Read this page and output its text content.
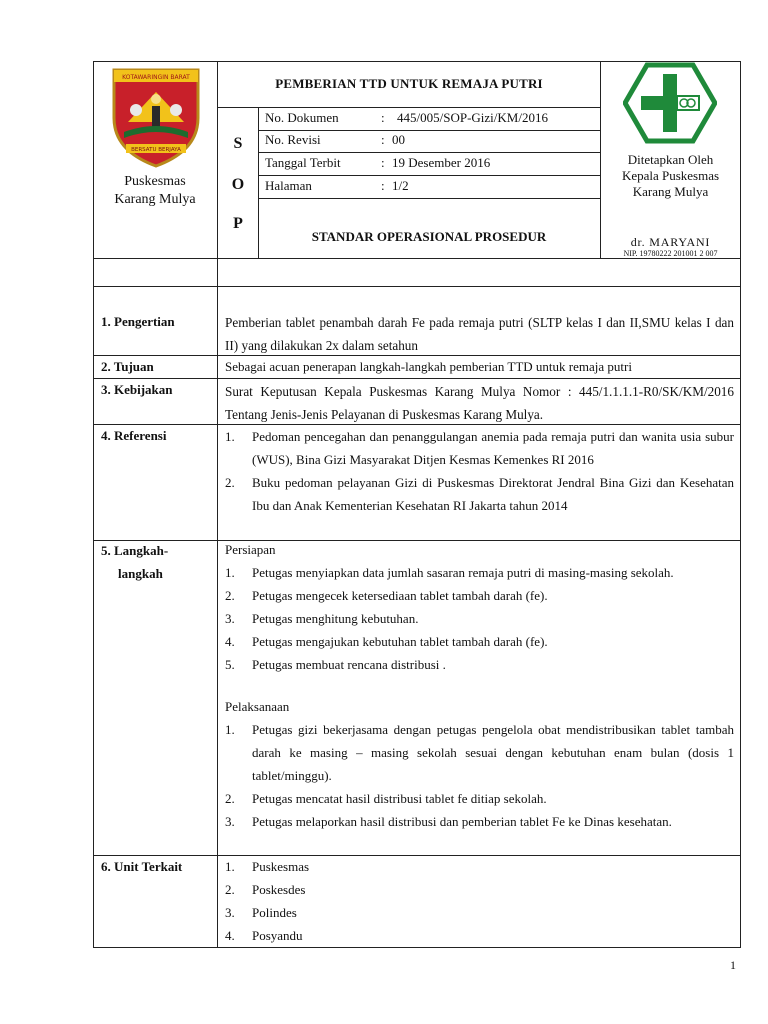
KOTAWARINGIN BARAT
BERSATU BERJAYA
Puskesmas
Karang Mulya
PEMBERIAN TTD UNTUK REMAJA PUTRI
S
O
P
No. Dokumen	: 445/005/SOP-Gizi/KM/2016
No. Revisi	: 00
Tanggal Terbit	: 19 Desember 2016
Halaman	: 1/2
STANDAR OPERASIONAL PROSEDUR
Ditetapkan Oleh
Kepala Puskesmas
Karang Mulya
dr. MARYANI
NIP. 19780222 201001 2 007
1. Pengertian	Pemberian tablet penambah darah Fe pada remaja putri (SLTP kelas I dan II,SMU kelas I dan II) yang dilakukan 2x dalam setahun
2. Tujuan	Sebagai acuan penerapan langkah-langkah pemberian TTD untuk remaja putri
3. Kebijakan	Surat Keputusan Kepala Puskesmas Karang Mulya Nomor : 445/1.1.1.1-R0/SK/KM/2016 Tentang Jenis-Jenis Pelayanan di Puskesmas Karang Mulya.
4. Referensi	1. Pedoman pencegahan dan penanggulangan anemia pada remaja putri dan wanita usia subur (WUS), Bina Gizi Masyarakat Ditjen Kesmas Kemenkes RI 2016
2. Buku pedoman pelayanan Gizi di Puskesmas Direktorat Jendral Bina Gizi dan Kesehatan Ibu dan Anak Kementerian Kesehatan RI Jakarta tahun 2014
5. Langkah-
langkah
Persiapan
1. Petugas menyiapkan data jumlah sasaran remaja putri di masing-masing sekolah.
2. Petugas mengecek ketersediaan tablet tambah darah (fe).
3. Petugas menghitung kebutuhan.
4. Petugas mengajukan kebutuhan tablet tambah darah (fe).
5. Petugas membuat rencana distribusi .
Pelaksanaan
1. Petugas gizi bekerjasama dengan petugas pengelola obat mendistribusikan tablet tambah darah ke masing – masing sekolah sesuai dengan kebutuhan enam bulan (dosis 1 tablet/minggu).
2. Petugas mencatat hasil distribusi tablet fe ditiap sekolah.
3. Petugas melaporkan hasil distribusi dan pemberian tablet Fe ke Dinas kesehatan.
6. Unit Terkait	1. Puskesmas
2. Poskesdes
3. Polindes
4. Posyandu
1
